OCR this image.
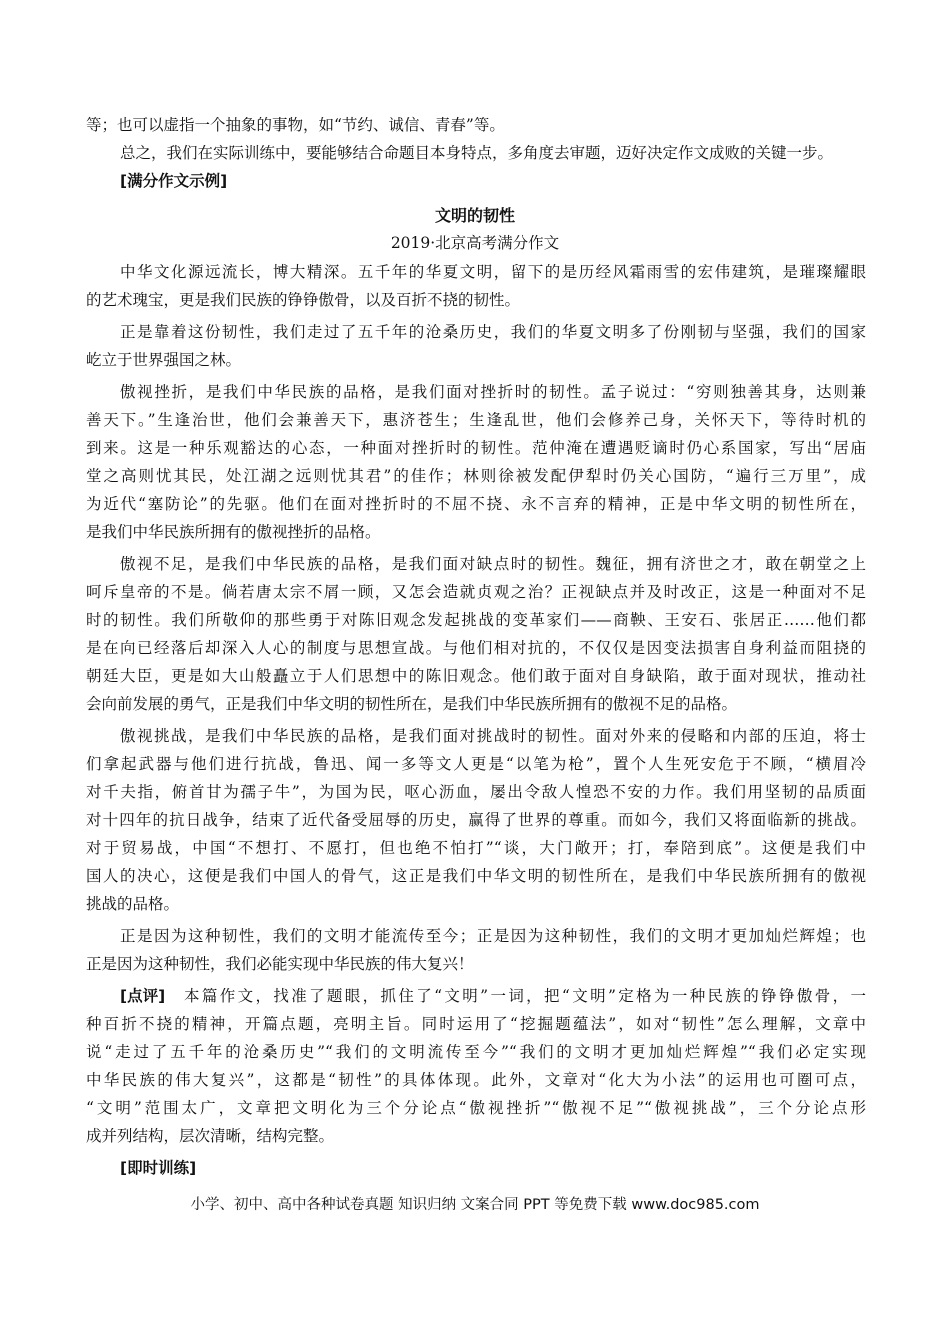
等；也可以虚指一个抽象的事物，如“节约、诚信、青春”等。
总之，我们在实际训练中，要能够结合命题目本身特点，多角度去审题，迈好决定作文成败的关键一步。
[满分作文示例]
文明的韧性
2019·北京高考满分作文
中华文化源远流长，博大精深。五千年的华夏文明，留下的是历经风霜雨雪的宏伟建筑，是璀璨耀眼
的艺术瑰宝，更是我们民族的铮铮傲骨，以及百折不挠的韧性。
正是靠着这份韧性，我们走过了五千年的沧桑历史，我们的华夏文明多了份刚韧与坚强，我们的国家
屹立于世界强国之林。
傲视挫折，是我们中华民族的品格，是我们面对挫折时的韧性。孟子说过：“穷则独善其身，达则兼
善天下。”生逢治世，他们会兼善天下，惠济苍生；生逢乱世，他们会修养己身，关怀天下，等待时机的
到来。这是一种乐观豁达的心态，一种面对挫折时的韧性。范仲淹在遭遇贬谪时仍心系国家，写出“居庙
堂之高则忧其民，处江湖之远则忧其君”的佳作；林则徐被发配伊犁时仍关心国防，“遍行三万里”，成
为近代“塞防论”的先驱。他们在面对挫折时的不屈不挠、永不言弃的精神，正是中华文明的韧性所在，
是我们中华民族所拥有的傲视挫折的品格。
傲视不足，是我们中华民族的品格，是我们面对缺点时的韧性。魏征，拥有济世之才，敢在朝堂之上
呵斥皇帝的不是。倘若唐太宗不屑一顾，又怎会造就贞观之治？正视缺点并及时改正，这是一种面对不足
时的韧性。我们所敬仰的那些勇于对陈旧观念发起挑战的变革家们——商鞅、王安石、张居正……他们都
是在向已经落后却深入人心的制度与思想宣战。与他们相对抗的，不仅仅是因变法损害自身利益而阻挠的
朝廷大臣，更是如大山般矗立于人们思想中的陈旧观念。他们敢于面对自身缺陷，敢于面对现状，推动社
会向前发展的勇气，正是我们中华文明的韧性所在，是我们中华民族所拥有的傲视不足的品格。
傲视挑战，是我们中华民族的品格，是我们面对挑战时的韧性。面对外来的侵略和内部的压迫，将士
们拿起武器与他们进行抗战，鲁迅、闻一多等文人更是“以笔为枪”，置个人生死安危于不顾，“横眉冷
对千夫指，俯首甘为孺子牛”，为国为民，呕心沥血，屡出令敌人惶恐不安的力作。我们用坚韧的品质面
对十四年的抗日战争，结束了近代备受屈辱的历史，赢得了世界的尊重。而如今，我们又将面临新的挑战。
对于贸易战，中国“不想打、不愿打，但也绝不怕打”“谈，大门敞开；打，奉陪到底”。这便是我们中
国人的决心，这便是我们中国人的骨气，这正是我们中华文明的韧性所在，是我们中华民族所拥有的傲视
挑战的品格。
正是因为这种韧性，我们的文明才能流传至今；正是因为这种韧性，我们的文明才更加灿烂辉煌；也
正是因为这种韧性，我们必能实现中华民族的伟大复兴！
[点评]	本篇作文，找准了题眼，抓住了“文明”一词，把“文明”定格为一种民族的铮铮傲骨，一
种百折不挠的精神，开篇点题，亮明主旨。同时运用了“挖掘题蕴法”，如对“韧性”怎么理解，文章中
说“走过了五千年的沧桑历史”“我们的文明流传至今”“我们的文明才更加灿烂辉煌”“我们必定实现
中华民族的伟大复兴”，这都是“韧性”的具体体现。此外，文章对“化大为小法”的运用也可圈可点，
“文明”范围太广，文章把文明化为三个分论点“傲视挫折”“傲视不足”“傲视挑战”，三个分论点形
成并列结构，层次清晰，结构完整。
[即时训练]
小学、初中、高中各种试卷真题 知识归纳 文案合同 PPT 等免费下载 www.doc985.com
